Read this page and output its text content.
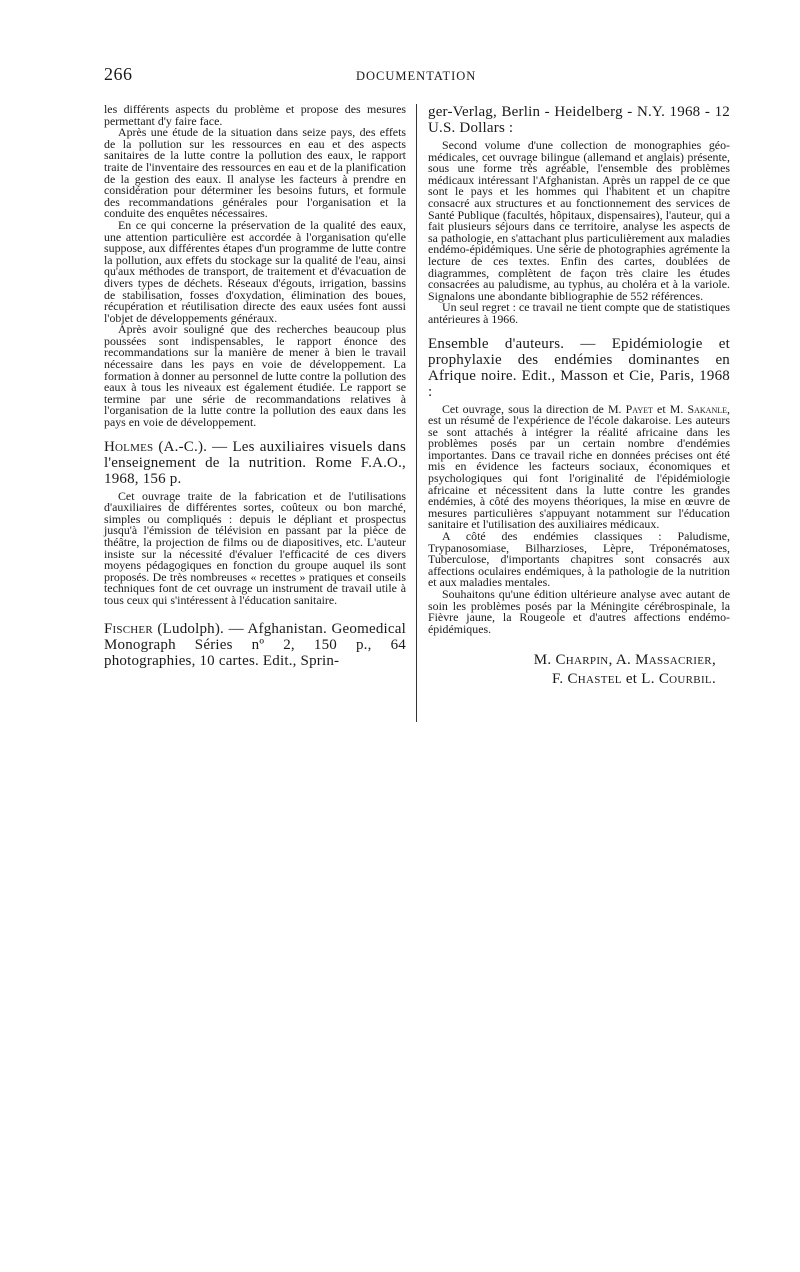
266	DOCUMENTATION

les différents aspects du problème et propose des mesures permettant d'y faire face.

Après une étude de la situation dans seize pays, des effets de la pollution sur les ressources en eau et des aspects sanitaires de la lutte contre la pollution des eaux, le rapport traite de l'inventaire des ressources en eau et de la planification de la gestion des eaux. Il analyse les facteurs à prendre en considération pour déterminer les besoins futurs, et formule des recommandations générales pour l'organisation et la conduite des enquêtes nécessaires.

En ce qui concerne la préservation de la qualité des eaux, une attention particulière est accordée à l'organisation qu'elle suppose, aux différentes étapes d'un programme de lutte contre la pollution, aux effets du stockage sur la qualité de l'eau, ainsi qu'aux méthodes de transport, de traitement et d'évacuation de divers types de déchets. Réseaux d'égouts, irrigation, bassins de stabilisation, fosses d'oxydation, élimination des boues, récupération et réutilisation directe des eaux usées font aussi l'objet de développements généraux.

Après avoir souligné que des recherches beaucoup plus poussées sont indispensables, le rapport énonce des recommandations sur la manière de mener à bien le travail nécessaire dans les pays en voie de développement. La formation à donner au personnel de lutte contre la pollution des eaux à tous les niveaux est également étudiée. Le rapport se termine par une série de recommandations relatives à l'organisation de la lutte contre la pollution des eaux dans les pays en voie de développement.

Holmes (A.-C.). — Les auxiliaires visuels dans l'enseignement de la nutrition. Rome F.A.O., 1968, 156 p.

Cet ouvrage traite de la fabrication et de l'utilisations d'auxiliaires de différentes sortes, coûteux ou bon marché, simples ou compliqués : depuis le dépliant et prospectus jusqu'à l'émission de télévision en passant par la pièce de théâtre, la projection de films ou de diapositives, etc. L'auteur insiste sur la nécessité d'évaluer l'efficacité de ces divers moyens pédagogiques en fonction du groupe auquel ils sont proposés. De très nombreuses « recettes » pratiques et conseils techniques font de cet ouvrage un instrument de travail utile à tous ceux qui s'intéressent à l'éducation sanitaire.

Fischer (Ludolph). — Afghanistan. Geomedical Monograph Séries nº 2, 150 p., 64 photographies, 10 cartes. Edit., Sprin-
ger-Verlag, Berlin - Heidelberg - N.Y. 1968 - 12 U.S. Dollars :

Second volume d'une collection de monographies géo-médicales, cet ouvrage bilingue (allemand et anglais) présente, sous une forme très agréable, l'ensemble des problèmes médicaux intéressant l'Afghanistan. Après un rappel de ce que sont le pays et les hommes qui l'habitent et un chapitre consacré aux structures et au fonctionnement des services de Santé Publique (facultés, hôpitaux, dispensaires), l'auteur, qui a fait plusieurs séjours dans ce territoire, analyse les aspects de sa pathologie, en s'attachant plus particulièrement aux maladies endémo-épidémiques. Une série de photographies agrémente la lecture de ces textes. Enfin des cartes, doublées de diagrammes, complètent de façon très claire les études consacrées au paludisme, au typhus, au choléra et à la variole. Signalons une abondante bibliographie de 552 références.

Un seul regret : ce travail ne tient compte que de statistiques antérieures à 1966.

Ensemble d'auteurs. — Epidémiologie et prophylaxie des endémies dominantes en Afrique noire. Edit., Masson et Cie, Paris, 1968 :

Cet ouvrage, sous la direction de M. Payet et M. Sakanle, est un résumé de l'expérience de l'école dakaroise. Les auteurs se sont attachés à intégrer la réalité africaine dans les problèmes posés par un certain nombre d'endémies importantes. Dans ce travail riche en données précises ont été mis en évidence les facteurs sociaux, économiques et psychologiques qui font l'originalité de l'épidémiologie africaine et nécessitent dans la lutte contre les grandes endémies, à côté des moyens théoriques, la mise en œuvre de mesures particulières s'appuyant notamment sur l'éducation sanitaire et l'utilisation des auxiliaires médicaux.

A côté des endémies classiques : Paludisme, Trypanosomiase, Bilharzioses, Lèpre, Tréponématoses, Tuberculose, d'importants chapitres sont consacrés aux affections oculaires endémiques, à la pathologie de la nutrition et aux maladies mentales.

Souhaitons qu'une édition ultérieure analyse avec autant de soin les problèmes posés par la Méningite cérébrospinale, la Fièvre jaune, la Rougeole et d'autres affections endémo-épidémiques.

M. Charpin, A. Massacrier,
F. Chastel et L. Courbil.
